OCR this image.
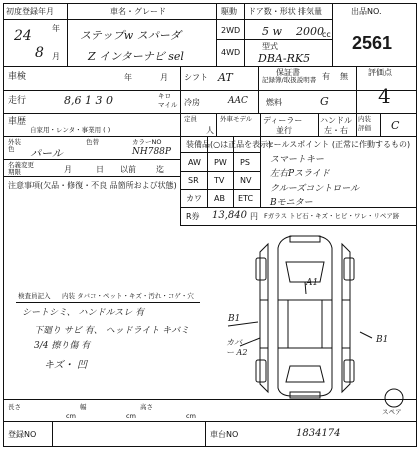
初度登録年月	車名・グレード	駆動 ドア数・形状 排気量	出品NO.
2561
24	年
8 月
ステップw スパーダ
Z インターナビ sel
2WD
4WD
5 w 2000
cc
型式
DBA-RK5
車検	年	月 シフト AT	保証書
記録簿/取扱説明書 有 無	評価点
4
走行	8,6 1 3 0	キロ
マイル 冷房	AAC 燃料	G
車歴
自家用・レンタ・事業用 ( )
定員
人
外車モデル ディーラー
並行
ハンドル
左・右
内装
評価 C
外装
色 パール
色替	カラーNO
NH788P
名義変更
期限	月	日 以前	迄
注意事項(欠品・修復・不良 品箇所および状態)
装備品(○は正品を表示)
セールスポイント (正常に作動するもの)
AW PW PS
SR TV NV
カワ AB ETC
スマートキー
左右Pスライド
クルーズコントロール
Bモニター
R券 13,840 円 Fガラス トビ石・キズ・ヒビ・ワレ・リペア跡
検査員記入 内装 タバコ・ペット・キズ・汚れ・コゲ・穴
シートシミ、 ハンドルスレ 有
下廻り サビ 有、 ヘッドライト キバミ
3/4 擦り傷 有
キズ・ 凹
A1
B1
カバー A2
B1
スペア
長さ
cm
幅
cm
高さ
cm
登録NO	車台NO	1834174
